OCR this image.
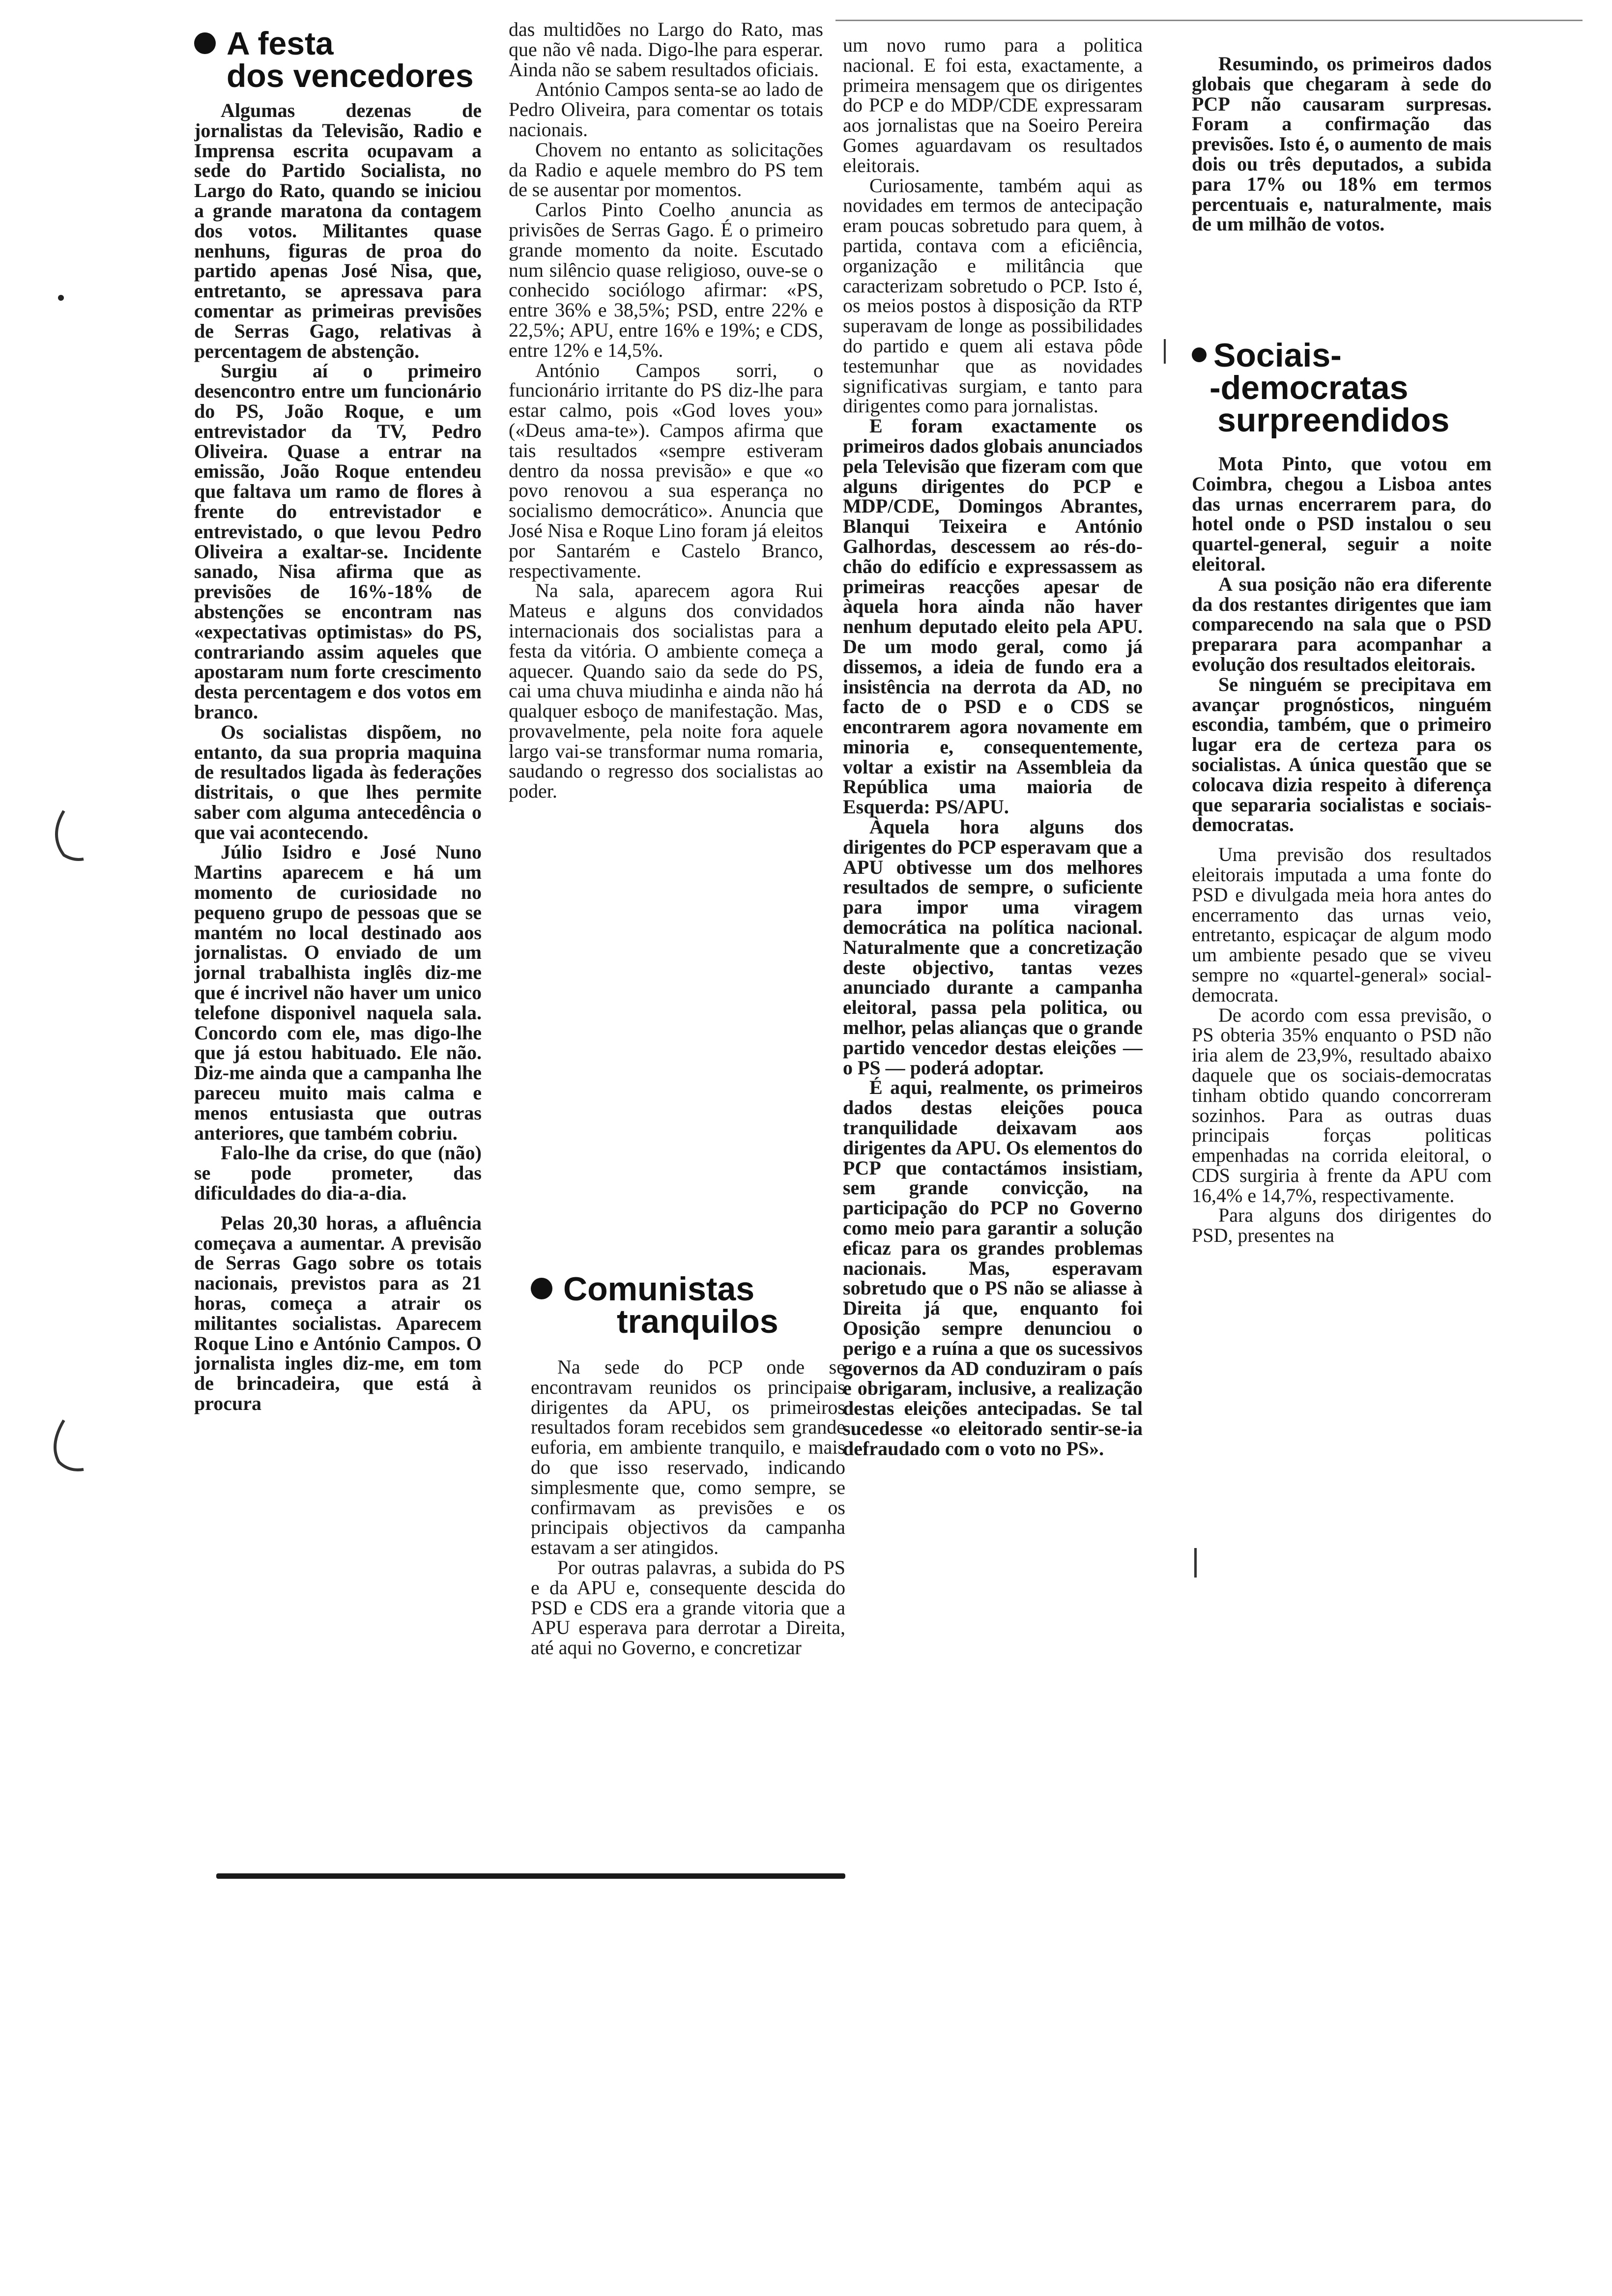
A festa
dos vencedores

Algumas dezenas de jornalistas da Televisão, Radio e Imprensa escrita ocupavam a sede do Partido Socialista, no Largo do Rato, quando se iniciou a grande maratona da contagem dos votos. Militantes quase nenhuns, figuras de proa do partido apenas José Nisa, que, entretanto, se apressava para comentar as primeiras previsões de Serras Gago, relativas à percentagem de abstenção.

Surgiu aí o primeiro desencontro entre um funcionário do PS, João Roque, e um entrevistador da TV, Pedro Oliveira. Quase a entrar na emissão, João Roque entendeu que faltava um ramo de flores à frente do entrevistador e entrevistado, o que levou Pedro Oliveira a exaltar-se. Incidente sanado, Nisa afirma que as previsões de 16%-18% de abstenções se encontram nas «expectativas optimistas» do PS, contrariando assim aqueles que apostaram num forte crescimento desta percentagem e dos votos em branco.

Os socialistas dispõem, no entanto, da sua propria maquina de resultados ligada às federações distritais, o que lhes permite saber com alguma antecedência o que vai acontecendo.

Júlio Isidro e José Nuno Martins aparecem e há um momento de curiosidade no pequeno grupo de pessoas que se mantém no local destinado aos jornalistas. O enviado de um jornal trabalhista inglês diz-me que é incrivel não haver um unico telefone disponivel naquela sala. Concordo com ele, mas digo-lhe que já estou habituado. Ele não. Diz-me ainda que a campanha lhe pareceu muito mais calma e menos entusiasta que outras anteriores, que também cobriu.

Falo-lhe da crise, do que (não) se pode prometer, das dificuldades do dia-a-dia.

Pelas 20,30 horas, a afluência começava a aumentar. A previsão de Serras Gago sobre os totais nacionais, previstos para as 21 horas, começa a atrair os militantes socialistas. Aparecem Roque Lino e António Campos. O jornalista ingles diz-me, em tom de brincadeira, que está à procura

das multidões no Largo do Rato, mas que não vê nada. Digo-lhe para esperar. Ainda não se sabem resultados oficiais.

António Campos senta-se ao lado de Pedro Oliveira, para comentar os totais nacionais.

Chovem no entanto as solicitações da Radio e aquele membro do PS tem de se ausentar por momentos.

Carlos Pinto Coelho anuncia as privisões de Serras Gago. É o primeiro grande momento da noite. Escutado num silêncio quase religioso, ouve-se o conhecido sociólogo afirmar: «PS, entre 36% e 38,5%; PSD, entre 22% e 22,5%; APU, entre 16% e 19%; e CDS, entre 12% e 14,5%.

António Campos sorri, o funcionário irritante do PS diz-lhe para estar calmo, pois «God loves you» («Deus ama-te»). Campos afirma que tais resultados «sempre estiveram dentro da nossa previsão» e que «o povo renovou a sua esperança no socialismo democrático». Anuncia que José Nisa e Roque Lino foram já eleitos por Santarém e Castelo Branco, respectivamente.

Na sala, aparecem agora Rui Mateus e alguns dos convidados internacionais dos socialistas para a festa da vitória. O ambiente começa a aquecer. Quando saio da sede do PS, cai uma chuva miudinha e ainda não há qualquer esboço de manifestação. Mas, provavelmente, pela noite fora aquele largo vai-se transformar numa romaria, saudando o regresso dos socialistas ao poder.

Comunistas
tranquilos

Na sede do PCP onde se encontravam reunidos os principais dirigentes da APU, os primeiros resultados foram recebidos sem grande euforia, em ambiente tranquilo, e mais do que isso reservado, indicando simplesmente que, como sempre, se confirmavam as previsões e os principais objectivos da campanha estavam a ser atingidos.

Por outras palavras, a subida do PS e da APU e, consequente descida do PSD e CDS era a grande vitoria que a APU esperava para derrotar a Direita, até aqui no Governo, e concretizar

um novo rumo para a politica nacional. E foi esta, exactamente, a primeira mensagem que os dirigentes do PCP e do MDP/CDE expressaram aos jornalistas que na Soeiro Pereira Gomes aguardavam os resultados eleitorais.

Curiosamente, também aqui as novidades em termos de antecipação eram poucas sobretudo para quem, à partida, contava com a eficiência, organização e militância que caracterizam sobretudo o PCP. Isto é, os meios postos à disposição da RTP superavam de longe as possibilidades do partido e quem ali estava pôde testemunhar que as novidades significativas surgiam, e tanto para dirigentes como para jornalistas.

E foram exactamente os primeiros dados globais anunciados pela Televisão que fizeram com que alguns dirigentes do PCP e MDP/CDE, Domingos Abrantes, Blanqui Teixeira e António Galhordas, descessem ao rés-do-chão do edifício e expressassem as primeiras reacções apesar de àquela hora ainda não haver nenhum deputado eleito pela APU. De um modo geral, como já dissemos, a ideia de fundo era a insistência na derrota da AD, no facto de o PSD e o CDS se encontrarem agora novamente em minoria e, consequentemente, voltar a existir na Assembleia da República uma maioria de Esquerda: PS/APU.

Àquela hora alguns dos dirigentes do PCP esperavam que a APU obtivesse um dos melhores resultados de sempre, o suficiente para impor uma viragem democrática na política nacional. Naturalmente que a concretização deste objectivo, tantas vezes anunciado durante a campanha eleitoral, passa pela politica, ou melhor, pelas alianças que o grande partido vencedor destas eleições — o PS — poderá adoptar.

É aqui, realmente, os primeiros dados destas eleições pouca tranquilidade deixavam aos dirigentes da APU. Os elementos do PCP que contactámos insistiam, sem grande convicção, na participação do PCP no Governo como meio para garantir a solução eficaz para os grandes problemas nacionais. Mas, esperavam sobretudo que o PS não se aliasse à Direita já que, enquanto foi Oposição sempre denunciou o perigo e a ruína a que os sucessivos governos da AD conduziram o país e obrigaram, inclusive, a realização destas eleições antecipadas. Se tal sucedesse «o eleitorado sentir-se-ia defraudado com o voto no PS».

Resumindo, os primeiros dados globais que chegaram à sede do PCP não causaram surpresas. Foram a confirmação das previsões. Isto é, o aumento de mais dois ou três deputados, a subida para 17% ou 18% em termos percentuais e, naturalmente, mais de um milhão de votos.

Sociais-
-democratas
surpreendidos

Mota Pinto, que votou em Coimbra, chegou a Lisboa antes das urnas encerrarem para, do hotel onde o PSD instalou o seu quartel-general, seguir a noite eleitoral.

A sua posição não era diferente da dos restantes dirigentes que iam comparecendo na sala que o PSD preparara para acompanhar a evolução dos resultados eleitorais.

Se ninguém se precipitava em avançar prognósticos, ninguém escondia, também, que o primeiro lugar era de certeza para os socialistas. A única questão que se colocava dizia respeito à diferença que separaria socialistas e sociais-democratas.

Uma previsão dos resultados eleitorais imputada a uma fonte do PSD e divulgada meia hora antes do encerramento das urnas veio, entretanto, espicaçar de algum modo um ambiente pesado que se viveu sempre no «quartel-general» social-democrata.

De acordo com essa previsão, o PS obteria 35% enquanto o PSD não iria alem de 23,9%, resultado abaixo daquele que os sociais-democratas tinham obtido quando concorreram sozinhos. Para as outras duas principais forças politicas empenhadas na corrida eleitoral, o CDS surgiria à frente da APU com 16,4% e 14,7%, respectivamente.

Para alguns dos dirigentes do PSD, presentes na
